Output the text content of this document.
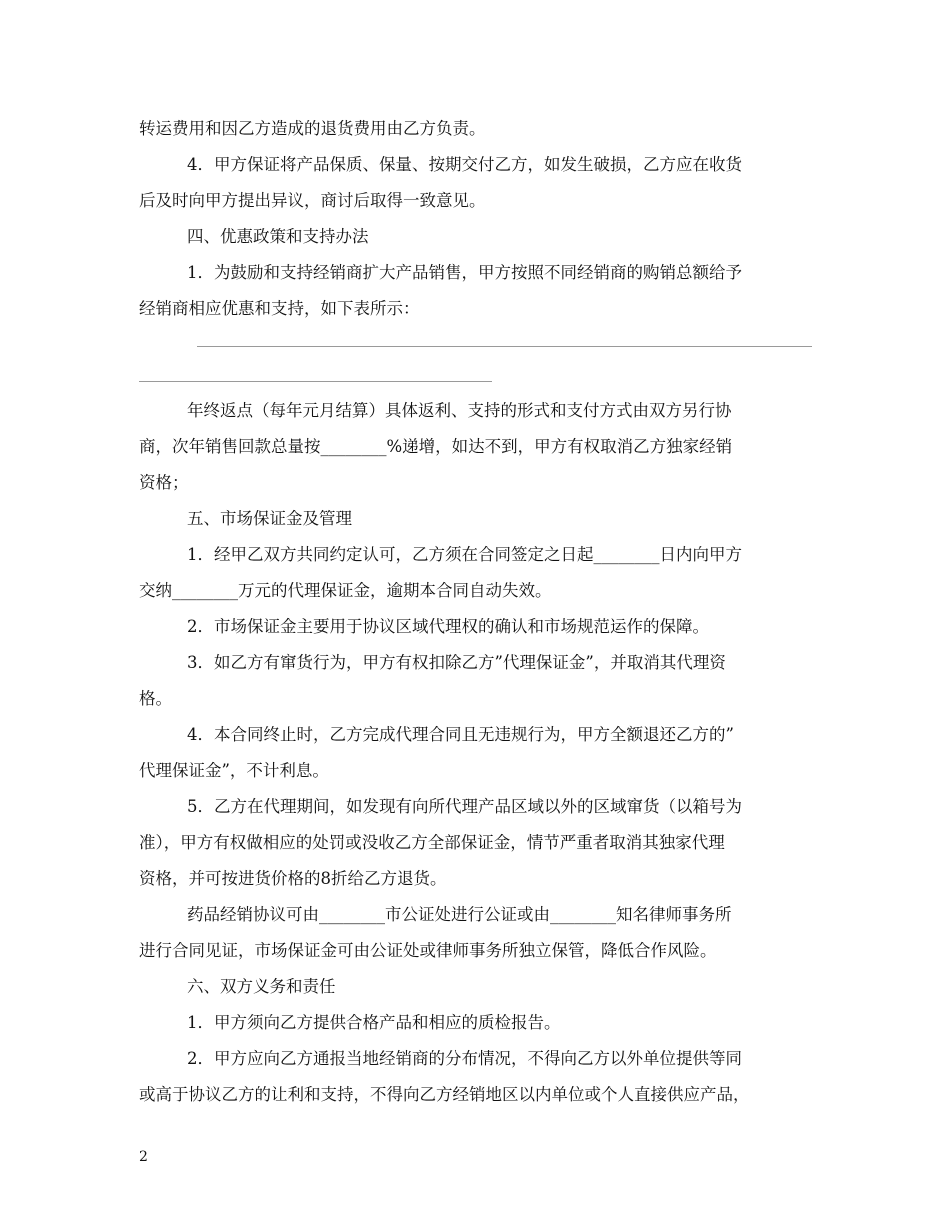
转运费用和因乙方造成的退货费用由乙方负责。
4．甲方保证将产品保质、保量、按期交付乙方，如发生破损，乙方应在收货
后及时向甲方提出异议，商讨后取得一致意见。
四、优惠政策和支持办法
1．为鼓励和支持经销商扩大产品销售，甲方按照不同经销商的购销总额给予
经销商相应优惠和支持，如下表所示：
年终返点（每年元月结算）具体返利、支持的形式和支付方式由双方另行协
商，次年销售回款总量按________%递增，如达不到，甲方有权取消乙方独家经销
资格；
五、市场保证金及管理
1．经甲乙双方共同约定认可，乙方须在合同签定之日起________日内向甲方
交纳________万元的代理保证金，逾期本合同自动失效。
2．市场保证金主要用于协议区域代理权的确认和市场规范运作的保障。
3．如乙方有窜货行为，甲方有权扣除乙方”代理保证金”，并取消其代理资
格。
4．本合同终止时，乙方完成代理合同且无违规行为，甲方全额退还乙方的”
代理保证金”，不计利息。
5．乙方在代理期间，如发现有向所代理产品区域以外的区域窜货（以箱号为
准），甲方有权做相应的处罚或没收乙方全部保证金，情节严重者取消其独家代理
资格，并可按进货价格的8折给乙方退货。
药品经销协议可由________市公证处进行公证或由________知名律师事务所
进行合同见证，市场保证金可由公证处或律师事务所独立保管，降低合作风险。
六、双方义务和责任
1．甲方须向乙方提供合格产品和相应的质检报告。
2．甲方应向乙方通报当地经销商的分布情况，不得向乙方以外单位提供等同
或高于协议乙方的让利和支持，不得向乙方经销地区以内单位或个人直接供应产品，
2
